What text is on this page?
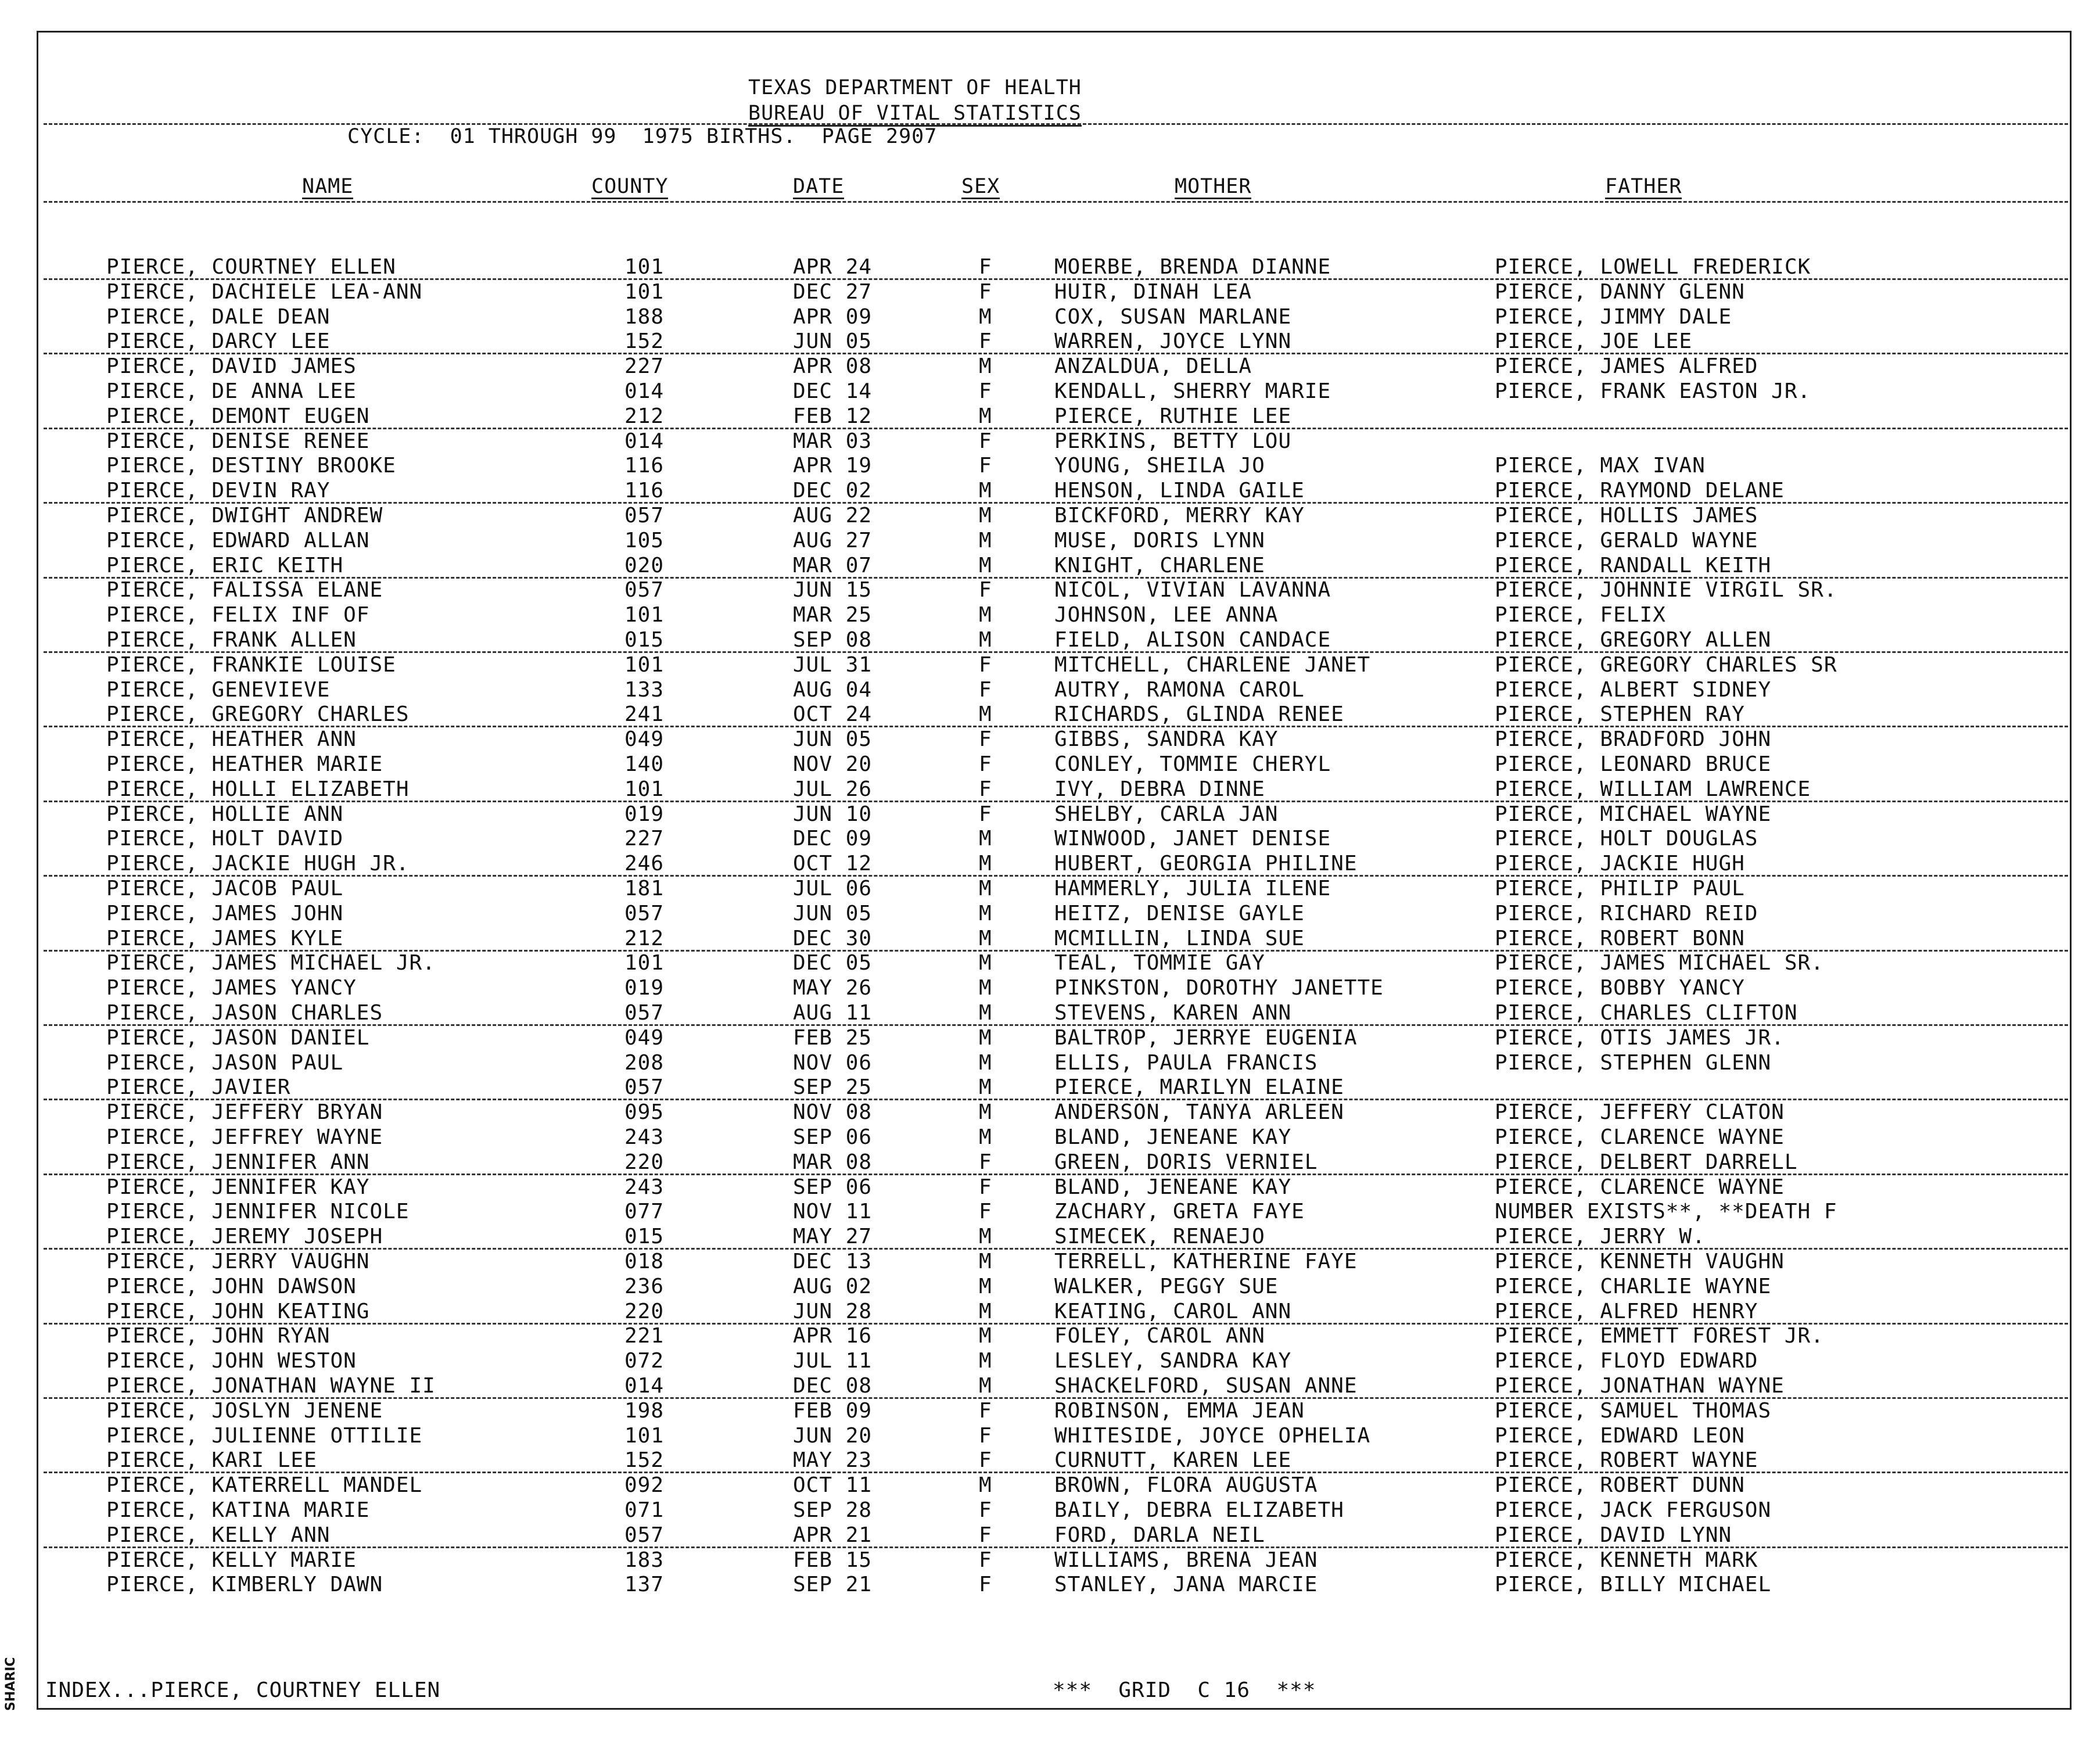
TEXAS DEPARTMENT OF HEALTH
BUREAU OF VITAL STATISTICS
CYCLE:  01 THROUGH 99  1975 BIRTHS.  PAGE 2907
NAME	COUNTY	DATE	SEX	MOTHER	FATHER
PIERCE, COURTNEY ELLEN	101	APR 24	F	MOERBE, BRENDA DIANNE	PIERCE, LOWELL FREDERICK
PIERCE, DACHIELE LEA-ANN	101	DEC 27	F	HUIR, DINAH LEA	PIERCE, DANNY GLENN
PIERCE, DALE DEAN	188	APR 09	M	COX, SUSAN MARLANE	PIERCE, JIMMY DALE
PIERCE, DARCY LEE	152	JUN 05	F	WARREN, JOYCE LYNN	PIERCE, JOE LEE
PIERCE, DAVID JAMES	227	APR 08	M	ANZALDUA, DELLA	PIERCE, JAMES ALFRED
PIERCE, DE ANNA LEE	014	DEC 14	F	KENDALL, SHERRY MARIE	PIERCE, FRANK EASTON JR.
PIERCE, DEMONT EUGEN	212	FEB 12	M	PIERCE, RUTHIE LEE
PIERCE, DENISE RENEE	014	MAR 03	F	PERKINS, BETTY LOU
PIERCE, DESTINY BROOKE	116	APR 19	F	YOUNG, SHEILA JO	PIERCE, MAX IVAN
PIERCE, DEVIN RAY	116	DEC 02	M	HENSON, LINDA GAILE	PIERCE, RAYMOND DELANE
PIERCE, DWIGHT ANDREW	057	AUG 22	M	BICKFORD, MERRY KAY	PIERCE, HOLLIS JAMES
PIERCE, EDWARD ALLAN	105	AUG 27	M	MUSE, DORIS LYNN	PIERCE, GERALD WAYNE
PIERCE, ERIC KEITH	020	MAR 07	M	KNIGHT, CHARLENE	PIERCE, RANDALL KEITH
PIERCE, FALISSA ELANE	057	JUN 15	F	NICOL, VIVIAN LAVANNA	PIERCE, JOHNNIE VIRGIL SR.
PIERCE, FELIX INF OF	101	MAR 25	M	JOHNSON, LEE ANNA	PIERCE, FELIX
PIERCE, FRANK ALLEN	015	SEP 08	M	FIELD, ALISON CANDACE	PIERCE, GREGORY ALLEN
PIERCE, FRANKIE LOUISE	101	JUL 31	F	MITCHELL, CHARLENE JANET	PIERCE, GREGORY CHARLES SR
PIERCE, GENEVIEVE	133	AUG 04	F	AUTRY, RAMONA CAROL	PIERCE, ALBERT SIDNEY
PIERCE, GREGORY CHARLES	241	OCT 24	M	RICHARDS, GLINDA RENEE	PIERCE, STEPHEN RAY
PIERCE, HEATHER ANN	049	JUN 05	F	GIBBS, SANDRA KAY	PIERCE, BRADFORD JOHN
PIERCE, HEATHER MARIE	140	NOV 20	F	CONLEY, TOMMIE CHERYL	PIERCE, LEONARD BRUCE
PIERCE, HOLLI ELIZABETH	101	JUL 26	F	IVY, DEBRA DINNE	PIERCE, WILLIAM LAWRENCE
PIERCE, HOLLIE ANN	019	JUN 10	F	SHELBY, CARLA JAN	PIERCE, MICHAEL WAYNE
PIERCE, HOLT DAVID	227	DEC 09	M	WINWOOD, JANET DENISE	PIERCE, HOLT DOUGLAS
PIERCE, JACKIE HUGH JR.	246	OCT 12	M	HUBERT, GEORGIA PHILINE	PIERCE, JACKIE HUGH
PIERCE, JACOB PAUL	181	JUL 06	M	HAMMERLY, JULIA ILENE	PIERCE, PHILIP PAUL
PIERCE, JAMES JOHN	057	JUN 05	M	HEITZ, DENISE GAYLE	PIERCE, RICHARD REID
PIERCE, JAMES KYLE	212	DEC 30	M	MCMILLIN, LINDA SUE	PIERCE, ROBERT BONN
PIERCE, JAMES MICHAEL JR.	101	DEC 05	M	TEAL, TOMMIE GAY	PIERCE, JAMES MICHAEL SR.
PIERCE, JAMES YANCY	019	MAY 26	M	PINKSTON, DOROTHY JANETTE	PIERCE, BOBBY YANCY
PIERCE, JASON CHARLES	057	AUG 11	M	STEVENS, KAREN ANN	PIERCE, CHARLES CLIFTON
PIERCE, JASON DANIEL	049	FEB 25	M	BALTROP, JERRYE EUGENIA	PIERCE, OTIS JAMES JR.
PIERCE, JASON PAUL	208	NOV 06	M	ELLIS, PAULA FRANCIS	PIERCE, STEPHEN GLENN
PIERCE, JAVIER	057	SEP 25	M	PIERCE, MARILYN ELAINE
PIERCE, JEFFERY BRYAN	095	NOV 08	M	ANDERSON, TANYA ARLEEN	PIERCE, JEFFERY CLATON
PIERCE, JEFFREY WAYNE	243	SEP 06	M	BLAND, JENEANE KAY	PIERCE, CLARENCE WAYNE
PIERCE, JENNIFER ANN	220	MAR 08	F	GREEN, DORIS VERNIEL	PIERCE, DELBERT DARRELL
PIERCE, JENNIFER KAY	243	SEP 06	F	BLAND, JENEANE KAY	PIERCE, CLARENCE WAYNE
PIERCE, JENNIFER NICOLE	077	NOV 11	F	ZACHARY, GRETA FAYE	NUMBER EXISTS**, **DEATH F
PIERCE, JEREMY JOSEPH	015	MAY 27	M	SIMECEK, RENAEJO	PIERCE, JERRY W.
PIERCE, JERRY VAUGHN	018	DEC 13	M	TERRELL, KATHERINE FAYE	PIERCE, KENNETH VAUGHN
PIERCE, JOHN DAWSON	236	AUG 02	M	WALKER, PEGGY SUE	PIERCE, CHARLIE WAYNE
PIERCE, JOHN KEATING	220	JUN 28	M	KEATING, CAROL ANN	PIERCE, ALFRED HENRY
PIERCE, JOHN RYAN	221	APR 16	M	FOLEY, CAROL ANN	PIERCE, EMMETT FOREST JR.
PIERCE, JOHN WESTON	072	JUL 11	M	LESLEY, SANDRA KAY	PIERCE, FLOYD EDWARD
PIERCE, JONATHAN WAYNE II	014	DEC 08	M	SHACKELFORD, SUSAN ANNE	PIERCE, JONATHAN WAYNE
PIERCE, JOSLYN JENENE	198	FEB 09	F	ROBINSON, EMMA JEAN	PIERCE, SAMUEL THOMAS
PIERCE, JULIENNE OTTILIE	101	JUN 20	F	WHITESIDE, JOYCE OPHELIA	PIERCE, EDWARD LEON
PIERCE, KARI LEE	152	MAY 23	F	CURNUTT, KAREN LEE	PIERCE, ROBERT WAYNE
PIERCE, KATERRELL MANDEL	092	OCT 11	M	BROWN, FLORA AUGUSTA	PIERCE, ROBERT DUNN
PIERCE, KATINA MARIE	071	SEP 28	F	BAILY, DEBRA ELIZABETH	PIERCE, JACK FERGUSON
PIERCE, KELLY ANN	057	APR 21	F	FORD, DARLA NEIL	PIERCE, DAVID LYNN
PIERCE, KELLY MARIE	183	FEB 15	F	WILLIAMS, BRENA JEAN	PIERCE, KENNETH MARK
PIERCE, KIMBERLY DAWN	137	SEP 21	F	STANLEY, JANA MARCIE	PIERCE, BILLY MICHAEL
INDEX...PIERCE, COURTNEY ELLEN	***  GRID  C 16  ***
SHARIC
